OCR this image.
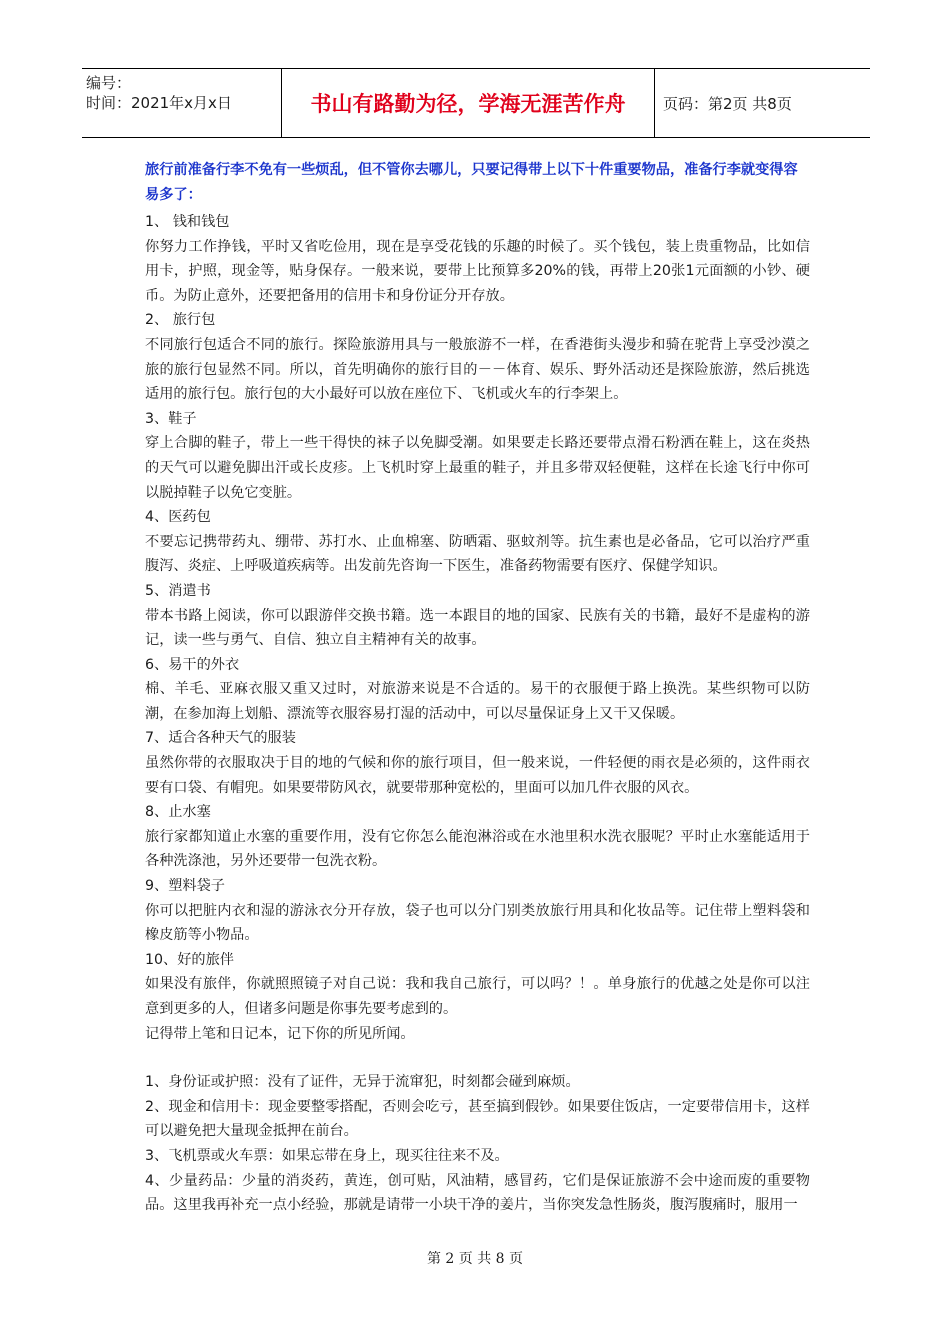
编号：
时间：2021年x月x日	书山有路勤为径，学海无涯苦作舟	页码：第2页 共8页

旅行前准备行李不免有一些烦乱，但不管你去哪儿，只要记得带上以下十件重要物品，准备行李就变得容易多了：

1、 钱和钱包

你努力工作挣钱，平时又省吃俭用，现在是享受花钱的乐趣的时候了。买个钱包，装上贵重物品，比如信用卡，护照，现金等，贴身保存。一般来说，要带上比预算多20%的钱，再带上20张1元面额的小钞、硬币。为防止意外，还要把备用的信用卡和身份证分开存放。

2、 旅行包

不同旅行包适合不同的旅行。探险旅游用具与一般旅游不一样，在香港街头漫步和骑在驼背上享受沙漠之旅的旅行包显然不同。所以，首先明确你的旅行目的－－体育、娱乐、野外活动还是探险旅游，然后挑选适用的旅行包。旅行包的大小最好可以放在座位下、飞机或火车的行李架上。

3、鞋子

穿上合脚的鞋子，带上一些干得快的袜子以免脚受潮。如果要走长路还要带点滑石粉洒在鞋上，这在炎热的天气可以避免脚出汗或长皮疹。上飞机时穿上最重的鞋子，并且多带双轻便鞋，这样在长途飞行中你可以脱掉鞋子以免它变脏。

4、医药包

不要忘记携带药丸、绷带、苏打水、止血棉塞、防晒霜、驱蚊剂等。抗生素也是必备品，它可以治疗严重腹泻、炎症、上呼吸道疾病等。出发前先咨询一下医生，准备药物需要有医疗、保健学知识。

5、消遣书

带本书路上阅读，你可以跟游伴交换书籍。选一本跟目的地的国家、民族有关的书籍，最好不是虚构的游记，读一些与勇气、自信、独立自主精神有关的故事。

6、易干的外衣

棉、羊毛、亚麻衣服又重又过时，对旅游来说是不合适的。易干的衣服便于路上换洗。某些织物可以防潮，在参加海上划船、漂流等衣服容易打湿的活动中，可以尽量保证身上又干又保暖。

7、适合各种天气的服装

虽然你带的衣服取决于目的地的气候和你的旅行项目，但一般来说，一件轻便的雨衣是必须的，这件雨衣要有口袋、有帽兜。如果要带防风衣，就要带那种宽松的，里面可以加几件衣服的风衣。

8、止水塞

旅行家都知道止水塞的重要作用，没有它你怎么能泡淋浴或在水池里积水洗衣服呢？平时止水塞能适用于各种洗涤池，另外还要带一包洗衣粉。

9、塑料袋子

你可以把脏内衣和湿的游泳衣分开存放，袋子也可以分门别类放旅行用具和化妆品等。记住带上塑料袋和橡皮筋等小物品。

10、好的旅伴

如果没有旅伴，你就照照镜子对自己说：我和我自己旅行，可以吗？！。单身旅行的优越之处是你可以注意到更多的人，但诸多问题是你事先要考虑到的。

记得带上笔和日记本，记下你的所见所闻。

1、身份证或护照：没有了证件，无异于流窜犯，时刻都会碰到麻烦。

2、现金和信用卡：现金要整零搭配，否则会吃亏，甚至搞到假钞。如果要住饭店，一定要带信用卡，这样可以避免把大量现金抵押在前台。

3、飞机票或火车票：如果忘带在身上，现买往往来不及。

4、少量药品：少量的消炎药，黄连，创可贴，风油精，感冒药，它们是保证旅游不会中途而废的重要物品。这里我再补充一点小经验，那就是请带一小块干净的姜片，当你突发急性肠炎，腹泻腹痛时，服用一

第 2 页 共 8 页
